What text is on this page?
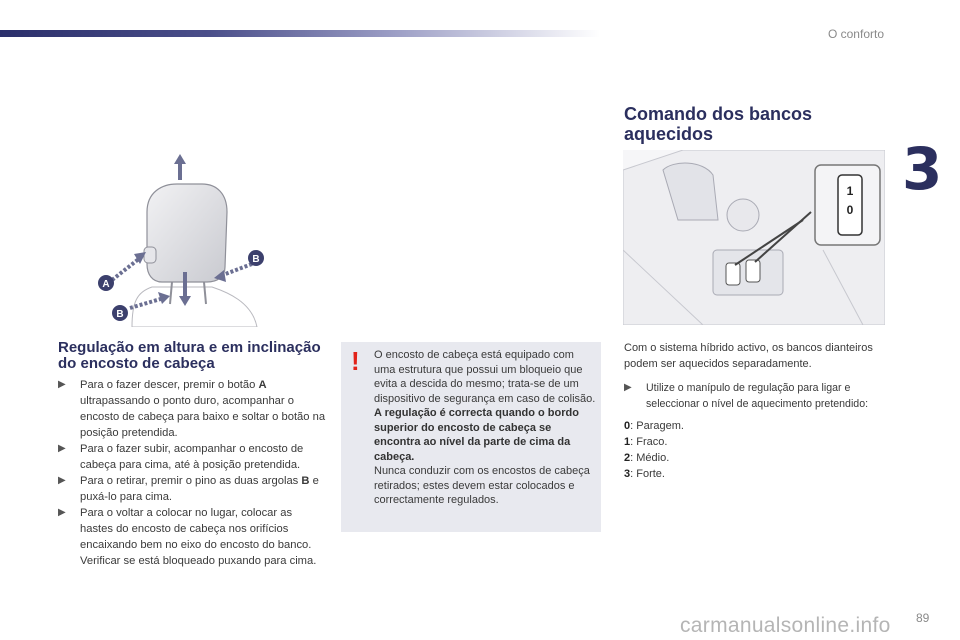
O conforto
3
A
B
B
Regulação em altura e em inclinação do encosto de cabeça
▶ Para o fazer descer, premir o botão A ultrapassando o ponto duro, acompanhar o encosto de cabeça para baixo e soltar o botão na posição pretendida.
▶ Para o fazer subir, acompanhar o encosto de cabeça para cima, até à posição pretendida.
▶ Para o retirar, premir o pino as duas argolas B e puxá-lo para cima.
▶ Para o voltar a colocar no lugar, colocar as hastes do encosto de cabeça nos orifícios encaixando bem no eixo do encosto do banco. Verificar se está bloqueado puxando para cima.
! O encosto de cabeça está equipado com uma estrutura que possui um bloqueio que evita a descida do mesmo; trata-se de um dispositivo de segurança em caso de colisão.
A regulação é correcta quando o bordo superior do encosto de cabeça se encontra ao nível da parte de cima da cabeça.
Nunca conduzir com os encostos de cabeça retirados; estes devem estar colocados e correctamente regulados.
Comando dos bancos aquecidos
1
0

Com o sistema híbrido activo, os bancos dianteiros podem ser aquecidos separadamente.

▶ Utilize o manípulo de regulação para ligar e seleccionar o nível de aquecimento pretendido:
0: Paragem.
1: Fraco.
2: Médio.
3: Forte.
carmanualsonline.info 89
